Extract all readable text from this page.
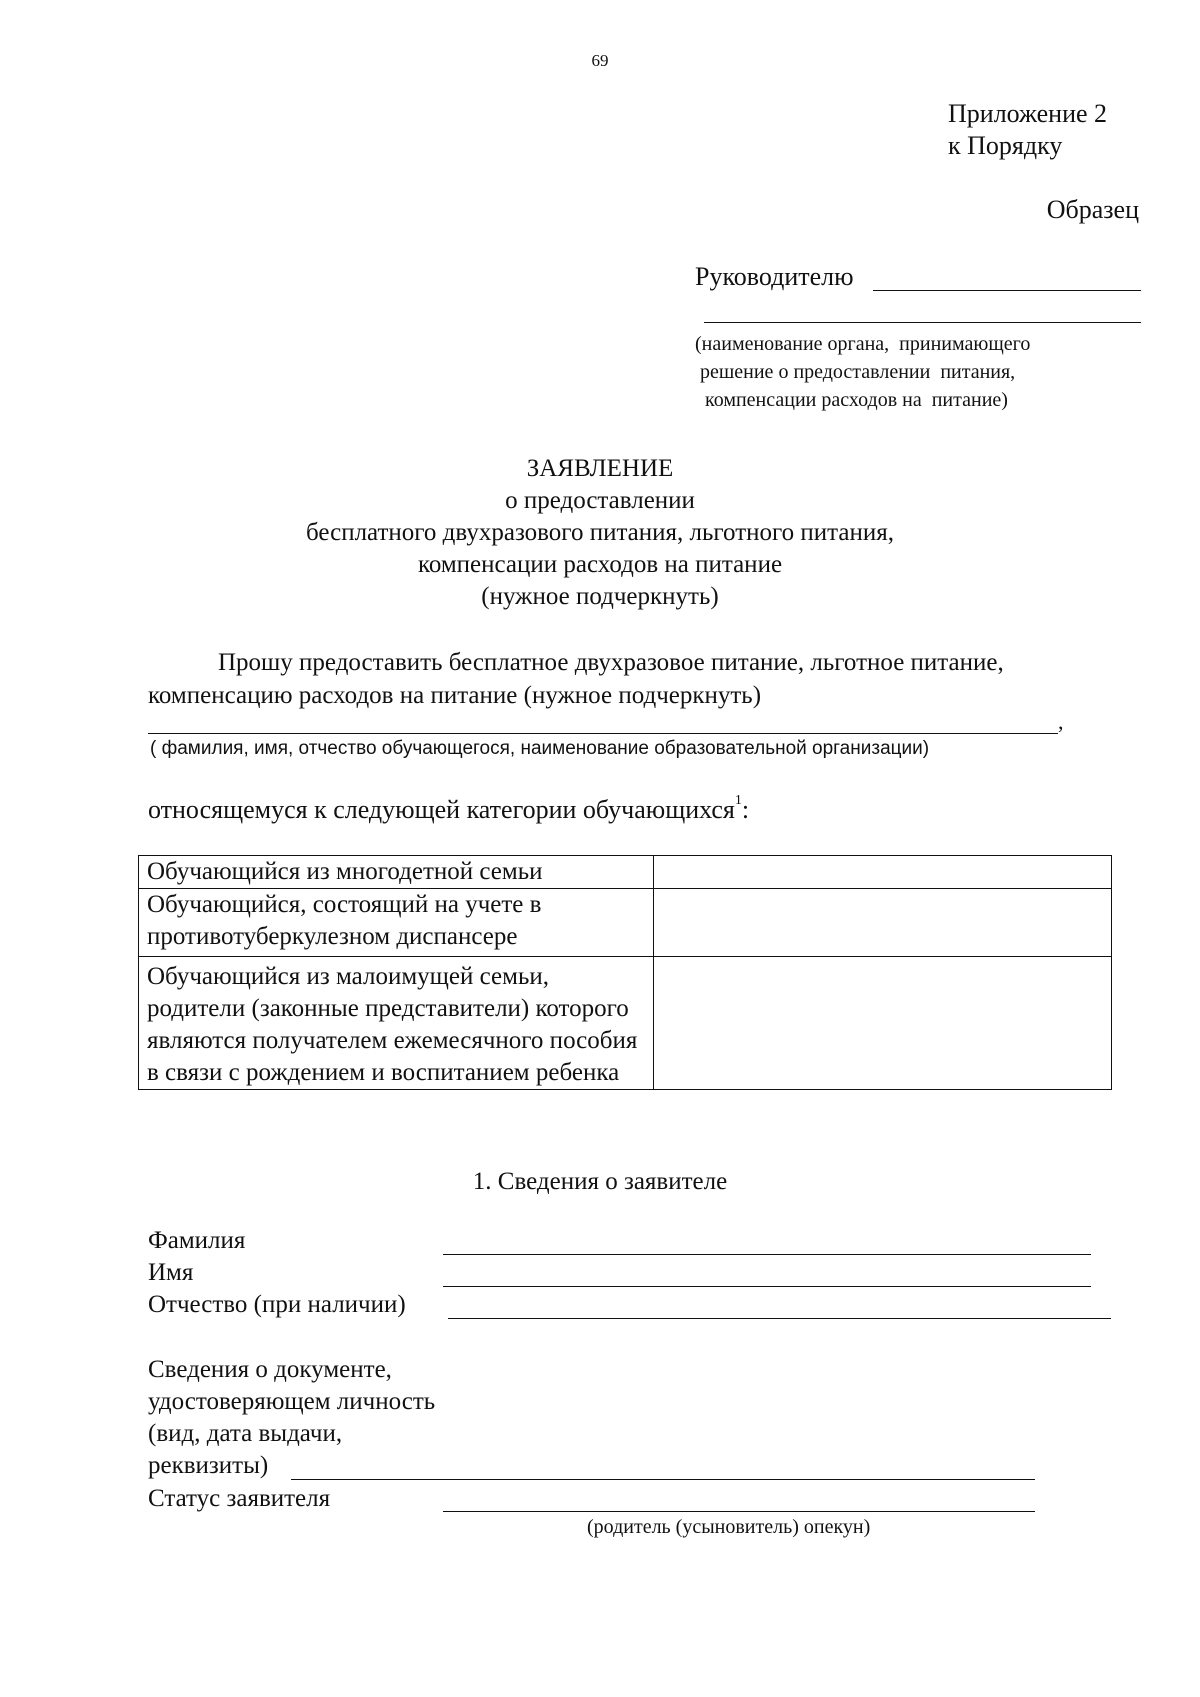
69
Приложение 2
к Порядку
Образец
Руководителю
(наименование органа,  принимающего
решение о предоставлении  питания,
компенсации расходов на  питание)
ЗАЯВЛЕНИЕ
о предоставлении
бесплатного двухразового питания, льготного питания,
компенсации расходов на питание
(нужное подчеркнуть)
Прошу предоставить бесплатное двухразовое питание, льготное питание,
компенсацию расходов на питание (нужное подчеркнуть)
,
( фамилия, имя, отчество обучающегося, наименование образовательной организации)
относящемуся к следующей категории обучающихся$^1$:
Обучающийся из многодетной семьи	
Обучающийся, состоящий на учете в противотуберкулезном диспансере	
Обучающийся из малоимущей семьи, родители (законные представители) которого являются получателем ежемесячного пособия в связи с рождением и воспитанием ребенка	
1. Сведения о заявителе
Фамилия
Имя
Отчество (при наличии)
Сведения о документе,
удостоверяющем личность
(вид, дата выдачи,
реквизиты)
Статус заявителя
(родитель (усыновитель) опекун)
